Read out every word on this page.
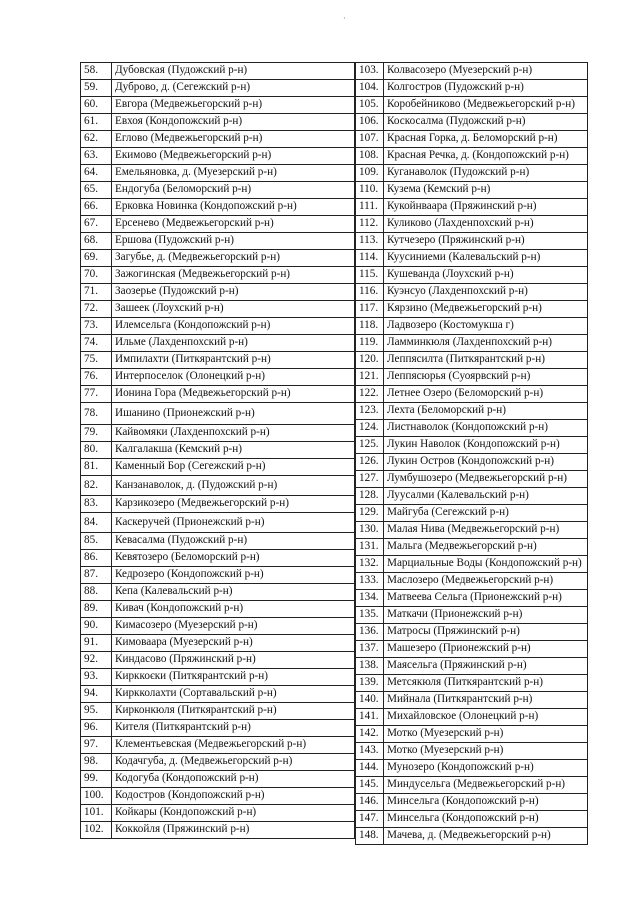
·
58.	Дубовская (Пудожский р-н)
59.	Дуброво, д. (Сегежский р-н)
60.	Евгора (Медвежьегорский р-н)
61.	Евхоя (Кондопожский р-н)
62.	Еглово (Медвежьегорский р-н)
63.	Екимово (Медвежьегорский р-н)
64.	Емельяновка, д. (Муезерский р-н)
65.	Ендогуба (Беломорский р-н)
66.	Ерковка Новинка (Кондопожский р-н)
67.	Ерсенево (Медвежьегорский р-н)
68.	Ершова (Пудожский р-н)
69.	Загубье, д. (Медвежьегорский р-н)
70.	Зажогинская (Медвежьегорский р-н)
71.	Заозерье (Пудожский р-н)
72.	Зашеек (Лоухский р-н)
73.	Илемсельга (Кондопожский р-н)
74.	Ильме (Лахденпохский р-н)
75.	Импилахти (Питкярантский р-н)
76.	Интерпоселок (Олонецкий р-н)
77.	Ионина Гора (Медвежьегорский р-н)
78.	Ишанино (Прионежский р-н)
79.	Кайвомяки (Лахденпохский р-н)
80.	Калгалакша (Кемский р-н)
81.	Каменный Бор (Сегежский р-н)
82.	Канзанаволок, д. (Пудожский р-н)
83.	Карзикозеро (Медвежьегорский р-н)
84.	Каскеручей (Прионежский р-н)
85.	Кевасалма (Пудожский р-н)
86.	Кевятозеро (Беломорский р-н)
87.	Кедрозеро (Кондопожский р-н)
88.	Кепа (Калевальский р-н)
89.	Кивач (Кондопожский р-н)
90.	Кимасозеро (Муезерский р-н)
91.	Кимоваара (Муезерский р-н)
92.	Киндасово (Пряжинский р-н)
93.	Кирккоєки (Питкярантский р-н)
94.	Киркколахти (Сортавальский р-н)
95.	Кирконкюля (Питкярантский р-н)
96.	Кителя (Питкярантский р-н)
97.	Клементьевская (Медвежьегорский р-н)
98.	Кодачгуба, д. (Медвежьегорский р-н)
99.	Кодогуба (Кондопожский р-н)
100.	Кодостров (Кондопожский р-н)
101.	Койкары (Кондопожский р-н)
102.	Коккойля (Пряжинский р-н)
103.	Колвасозеро (Муезерский р-н)
104.	Колгостров (Пудожский р-н)
105.	Коробейниково (Медвежьегорский р-н)
106.	Коскосалма (Пудожский р-н)
107.	Красная Горка, д. Беломорский р-н)
108.	Красная Речка, д. (Кондопожский р-н)
109.	Куганаволок (Пудожский р-н)
110.	Кузема (Кемский р-н)
111.	Кукойнваара (Пряжинский р-н)
112.	Куликово (Лахденпохский р-н)
113.	Кутчезеро (Пряжинский р-н)
114.	Куусиниеми (Калевальский р-н)
115.	Кушеванда (Лоухский р-н)
116.	Куэнсуо (Лахденпохский р-н)
117.	Кярзино (Медвежьегорский р-н)
118.	Ладвозеро (Костомукша г)
119.	Ламминкюля (Лахденпохский р-н)
120.	Леппясилта (Питкярантский р-н)
121.	Леппясюрья (Суоярвский р-н)
122.	Летнее Озеро (Беломорский р-н)
123.	Лехта (Беломорский р-н)
124.	Листнаволок (Кондопожский р-н)
125.	Лукин Наволок (Кондопожский р-н)
126.	Лукин Остров (Кондопожский р-н)
127.	Лумбушозеро (Медвежьегорский р-н)
128.	Луусалми (Калевальский р-н)
129.	Майгуба (Сегежский р-н)
130.	Малая Нива (Медвежьегорский р-н)
131.	Мальга (Медвежьегорский р-н)
132.	Марциальные Воды (Кондопожский р-н)
133.	Маслозеро (Медвежьегорский р-н)
134.	Матвеева Сельга (Прионежский р-н)
135.	Маткачи (Прионежский р-н)
136.	Матросы (Пряжинский р-н)
137.	Машезеро (Прионежский р-н)
138.	Маясельга (Пряжинский р-н)
139.	Метсякюля (Питкярантский р-н)
140.	Мийнала (Питкярантский р-н)
141.	Михайловское (Олонецкий р-н)
142.	Мотко (Муезерский р-н)
143.	Мотко (Муезерский р-н)
144.	Мунозеро (Кондопожский р-н)
145.	Миндусельга (Медвежьегорский р-н)
146.	Минсельга (Кондопожский р-н)
147.	Минсельга (Кондопожский р-н)
148.	Мачева, д. (Медвежьегорский р-н)
